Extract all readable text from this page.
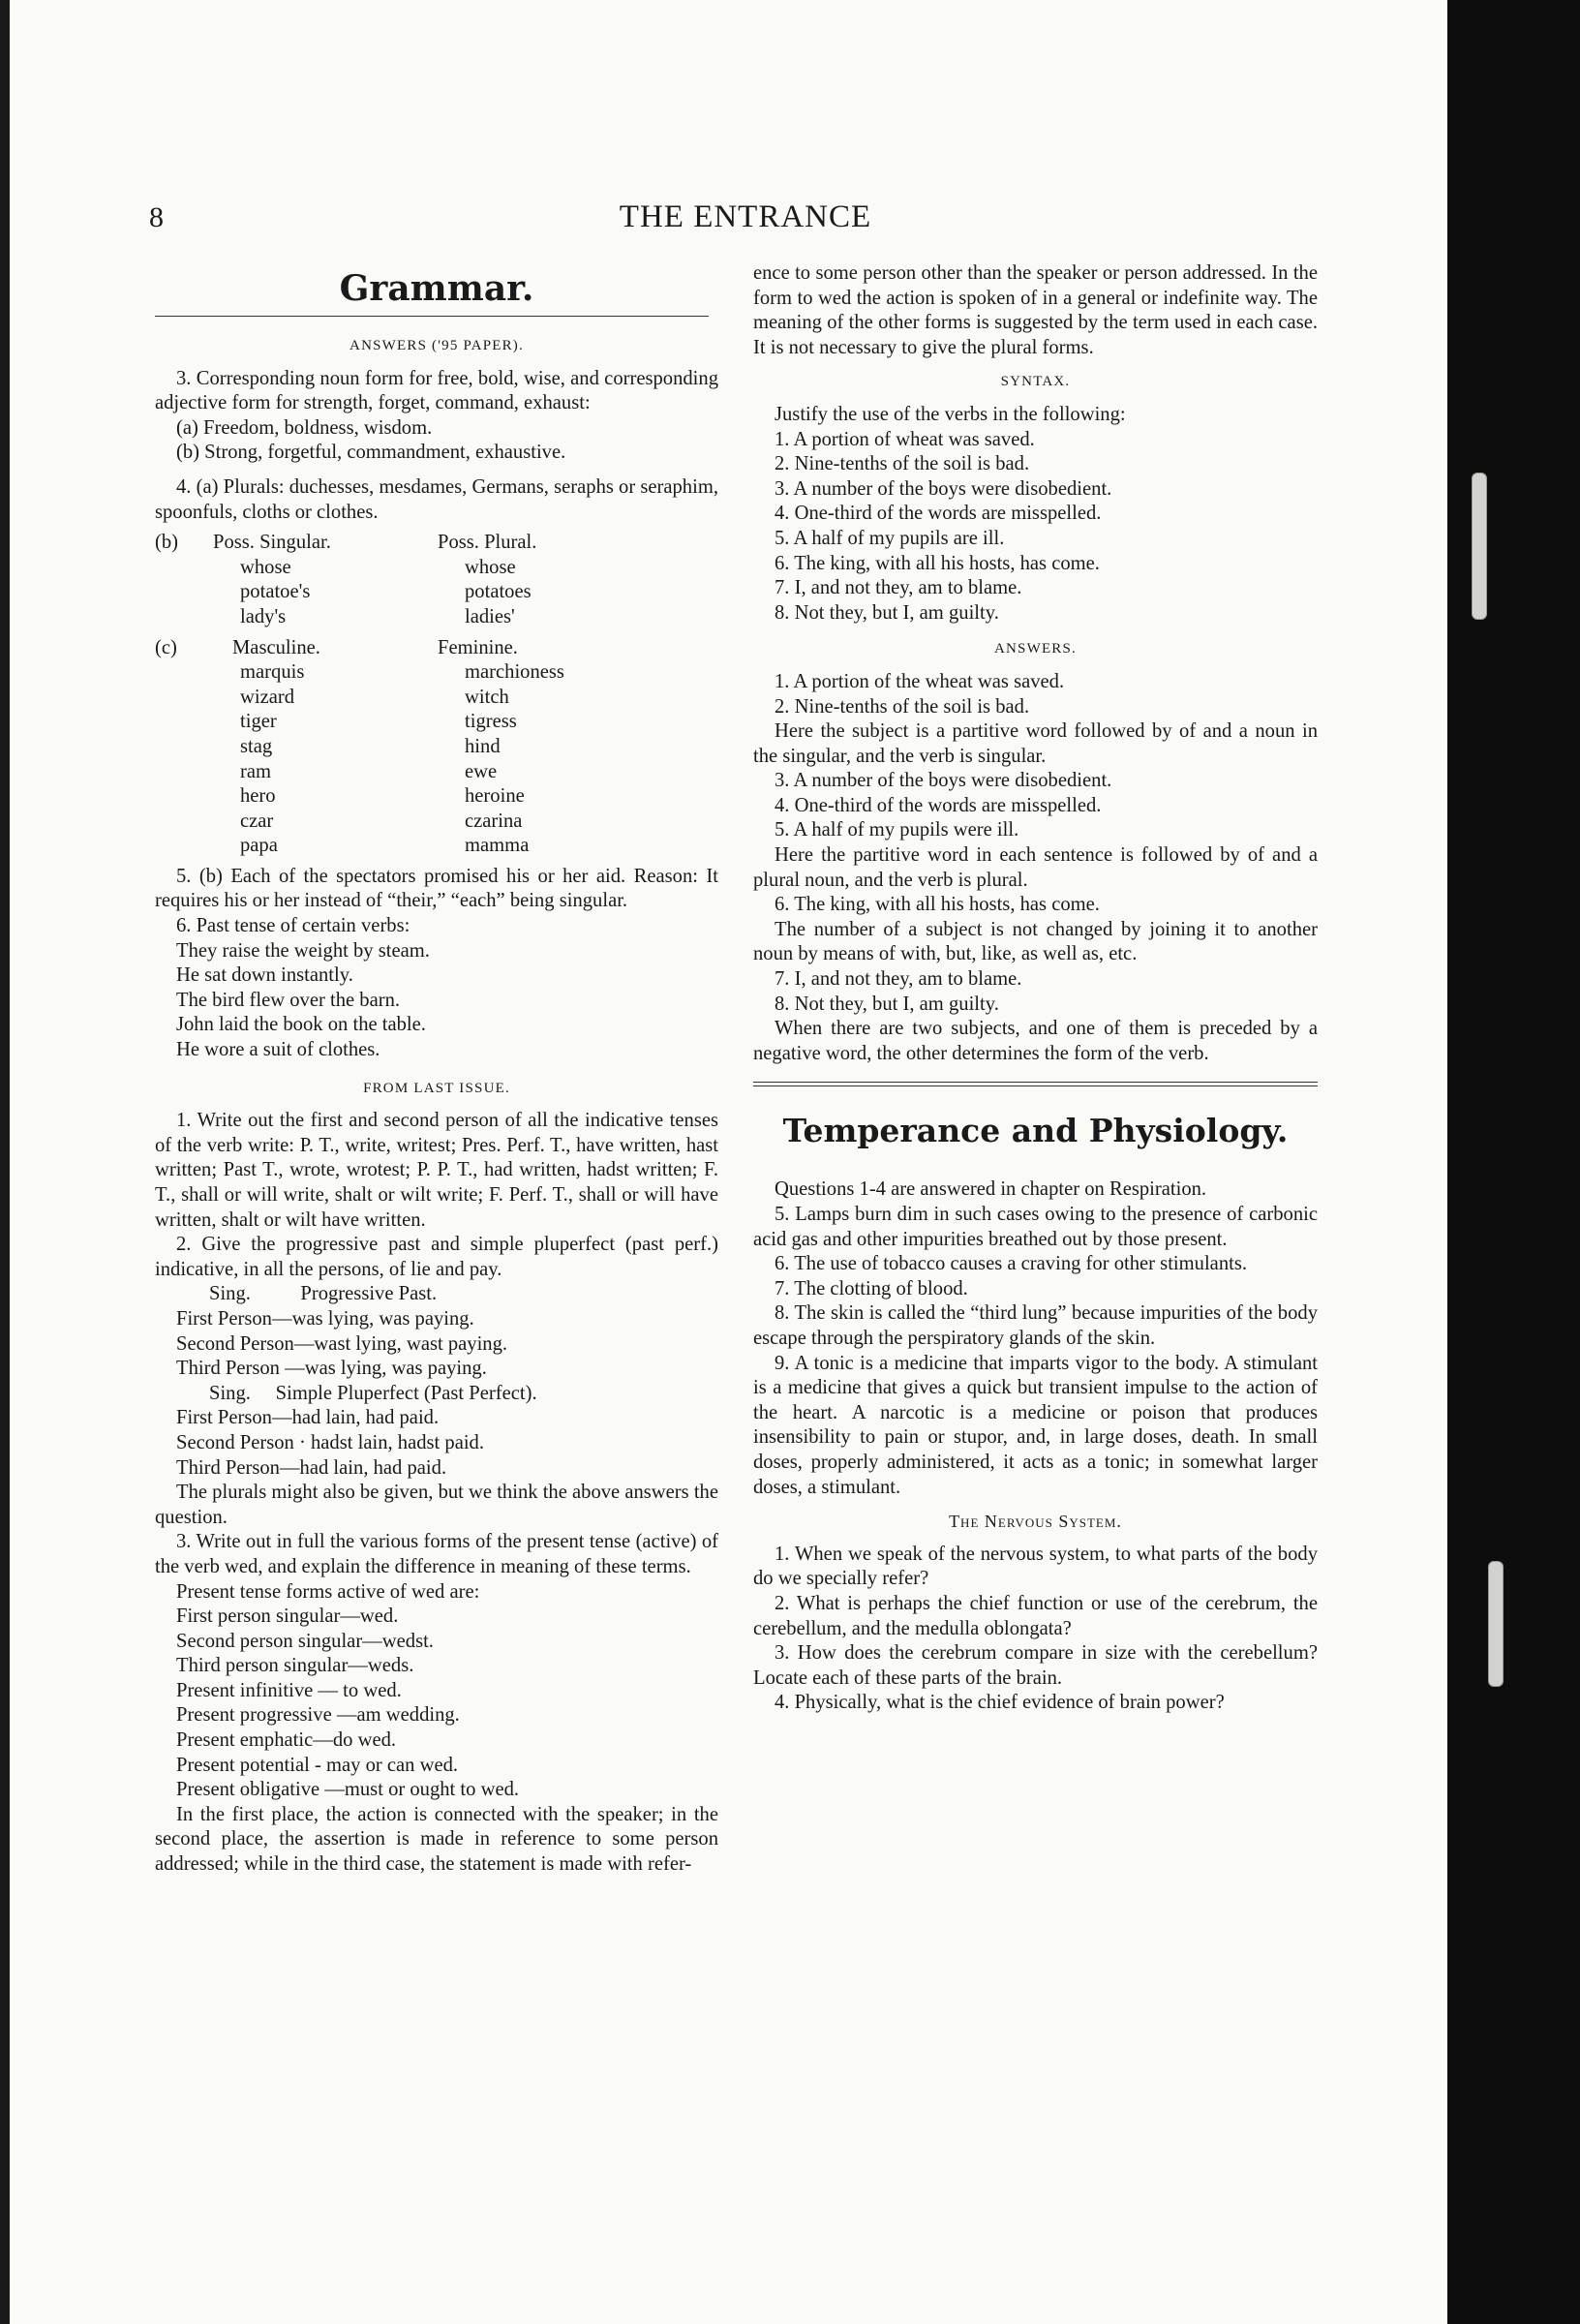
8	THE ENTRANCE
Grammar.
ANSWERS ('95 PAPER).

3. Corresponding noun form for free, bold, wise, and corresponding adjective form for strength, forget, command, exhaust:

(a) Freedom, boldness, wisdom.
(b) Strong, forgetful, commandment, exhaustive.

4. (a) Plurals: duchesses, mesdames, Germans, seraphs or seraphim, spoonfuls, cloths or clothes.

(b)	Poss. Singular.	Poss. Plural.
whose	whose
potatoe's	potatoes
lady's	ladies'
(c)	Masculine.	Feminine.
marquis	marchioness
wizard	witch
tiger	tigress
stag	hind
ram	ewe
hero	heroine
czar	czarina
papa	mamma

5. (b) Each of the spectators promised his or her aid. Reason: It requires his or her instead of “their,” “each” being singular.

6. Past tense of certain verbs:

They raise the weight by steam.
He sat down instantly.
The bird flew over the barn.
John laid the book on the table.
He wore a suit of clothes.
FROM LAST ISSUE.

1. Write out the first and second person of all the indicative tenses of the verb write: P. T., write, writest; Pres. Perf. T., have written, hast written; Past T., wrote, wrotest; P. P. T., had written, hadst written; F. T., shall or will write, shalt or wilt write; F. Perf. T., shall or will have written, shalt or wilt have written.

2. Give the progressive past and simple pluperfect (past perf.) indicative, in all the persons, of lie and pay.

Sing.          Progressive Past.
First Person—was lying, was paying.
Second Person—wast lying, wast paying.
Third Person —was lying, was paying.
Sing.     Simple Pluperfect (Past Perfect).
First Person—had lain, had paid.
Second Person · hadst lain, hadst paid.
Third Person—had lain, had paid.

The plurals might also be given, but we think the above answers the question.

3. Write out in full the various forms of the present tense (active) of the verb wed, and explain the difference in meaning of these terms.

Present tense forms active of wed are:
First person singular—wed.
Second person singular—wedst.
Third person singular—weds.
Present infinitive — to wed.
Present progressive —am wedding.
Present emphatic—do wed.
Present potential - may or can wed.
Present obligative —must or ought to wed.

In the first place, the action is connected with the speaker; in the second place, the assertion is made in reference to some person addressed; while in the third case, the statement is made with refer-

ence to some person other than the speaker or person addressed. In the form to wed the action is spoken of in a general or indefinite way. The meaning of the other forms is suggested by the term used in each case. It is not necessary to give the plural forms.

SYNTAX.

Justify the use of the verbs in the following:

1. A portion of wheat was saved.
2. Nine-tenths of the soil is bad.
3. A number of the boys were disobedient.
4. One-third of the words are misspelled.
5. A half of my pupils are ill.
6. The king, with all his hosts, has come.
7. I, and not they, am to blame.
8. Not they, but I, am guilty.
ANSWERS.
1. A portion of the wheat was saved.
2. Nine-tenths of the soil is bad.

Here the subject is a partitive word followed by of and a noun in the singular, and the verb is singular.

3. A number of the boys were disobedient.
4. One-third of the words are misspelled.
5. A half of my pupils were ill.

Here the partitive word in each sentence is followed by of and a plural noun, and the verb is plural.

6. The king, with all his hosts, has come.

The number of a subject is not changed by joining it to another noun by means of with, but, like, as well as, etc.

7. I, and not they, am to blame.
8. Not they, but I, am guilty.

When there are two subjects, and one of them is preceded by a negative word, the other determines the form of the verb.

Temperance and Physiology.

Questions 1-4 are answered in chapter on Respiration.

5. Lamps burn dim in such cases owing to the presence of carbonic acid gas and other impurities breathed out by those present.

6. The use of tobacco causes a craving for other stimulants.

7. The clotting of blood.

8. The skin is called the “third lung” because impurities of the body escape through the perspiratory glands of the skin.

9. A tonic is a medicine that imparts vigor to the body. A stimulant is a medicine that gives a quick but transient impulse to the action of the heart. A narcotic is a medicine or poison that produces insensibility to pain or stupor, and, in large doses, death. In small doses, properly administered, it acts as a tonic; in somewhat larger doses, a stimulant.

The Nervous System.

1. When we speak of the nervous system, to what parts of the body do we specially refer?

2. What is perhaps the chief function or use of the cerebrum, the cerebellum, and the medulla oblongata?

3. How does the cerebrum compare in size with the cerebellum? Locate each of these parts of the brain.

4. Physically, what is the chief evidence of brain power?
